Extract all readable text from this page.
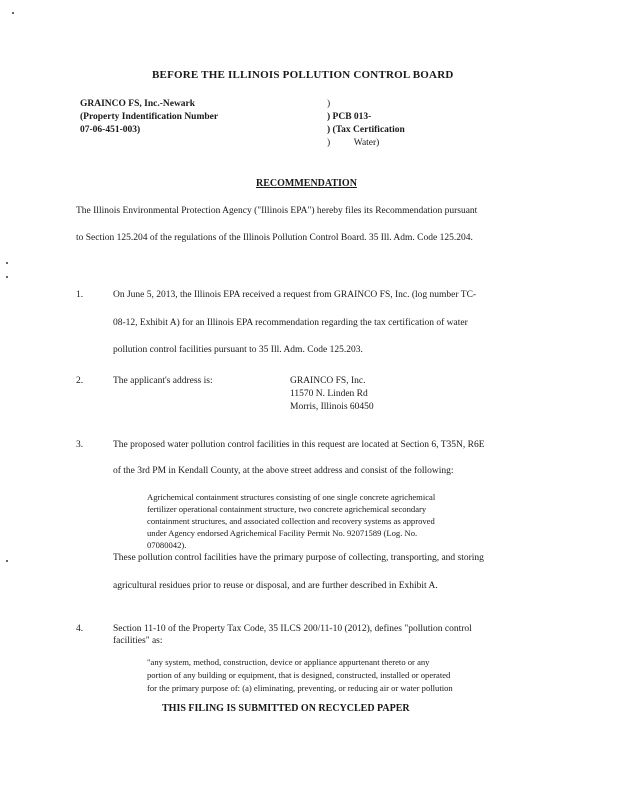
BEFORE THE ILLINOIS POLLUTION CONTROL BOARD
GRAINCO FS, Inc.-Newark
(Property Indentification Number
07-06-451-003)
)
) PCB 013-
) (Tax Certification
)          Water)
RECOMMENDATION
The Illinois Environmental Protection Agency ("Illinois EPA") hereby files its Recommendation pursuant
to Section 125.204 of the regulations of the Illinois Pollution Control Board. 35 Ill. Adm. Code 125.204.
1.	On June 5, 2013, the Illinois EPA received a request from GRAINCO FS, Inc. (log number TC-
08-12, Exhibit A) for an Illinois EPA recommendation regarding the tax certification of water
pollution control facilities pursuant to 35 Ill. Adm. Code 125.203.
2.	The applicant's address is:	GRAINCO FS, Inc.
11570 N. Linden Rd
Morris, Illinois 60450
3.	The proposed water pollution control facilities in this request are located at Section 6, T35N, R6E
of the 3rd PM in Kendall County, at the above street address and consist of the following:
Agrichemical containment structures consisting of one single concrete agrichemical
fertilizer operational containment structure, two concrete agrichemical secondary
containment structures, and associated collection and recovery systems as approved
under Agency endorsed Agrichemical Facility Permit No. 92071589 (Log. No.
07080042).
These pollution control facilities have the primary purpose of collecting, transporting, and storing
agricultural residues prior to reuse or disposal, and are further described in Exhibit A.
4.	Section 11-10 of the Property Tax Code, 35 ILCS 200/11-10 (2012), defines "pollution control
facilities" as:
"any system, method, construction, device or appliance appurtenant thereto or any
portion of any building or equipment, that is designed, constructed, installed or operated
for the primary purpose of: (a) eliminating, preventing, or reducing air or water pollution
THIS FILING IS SUBMITTED ON RECYCLED PAPER
